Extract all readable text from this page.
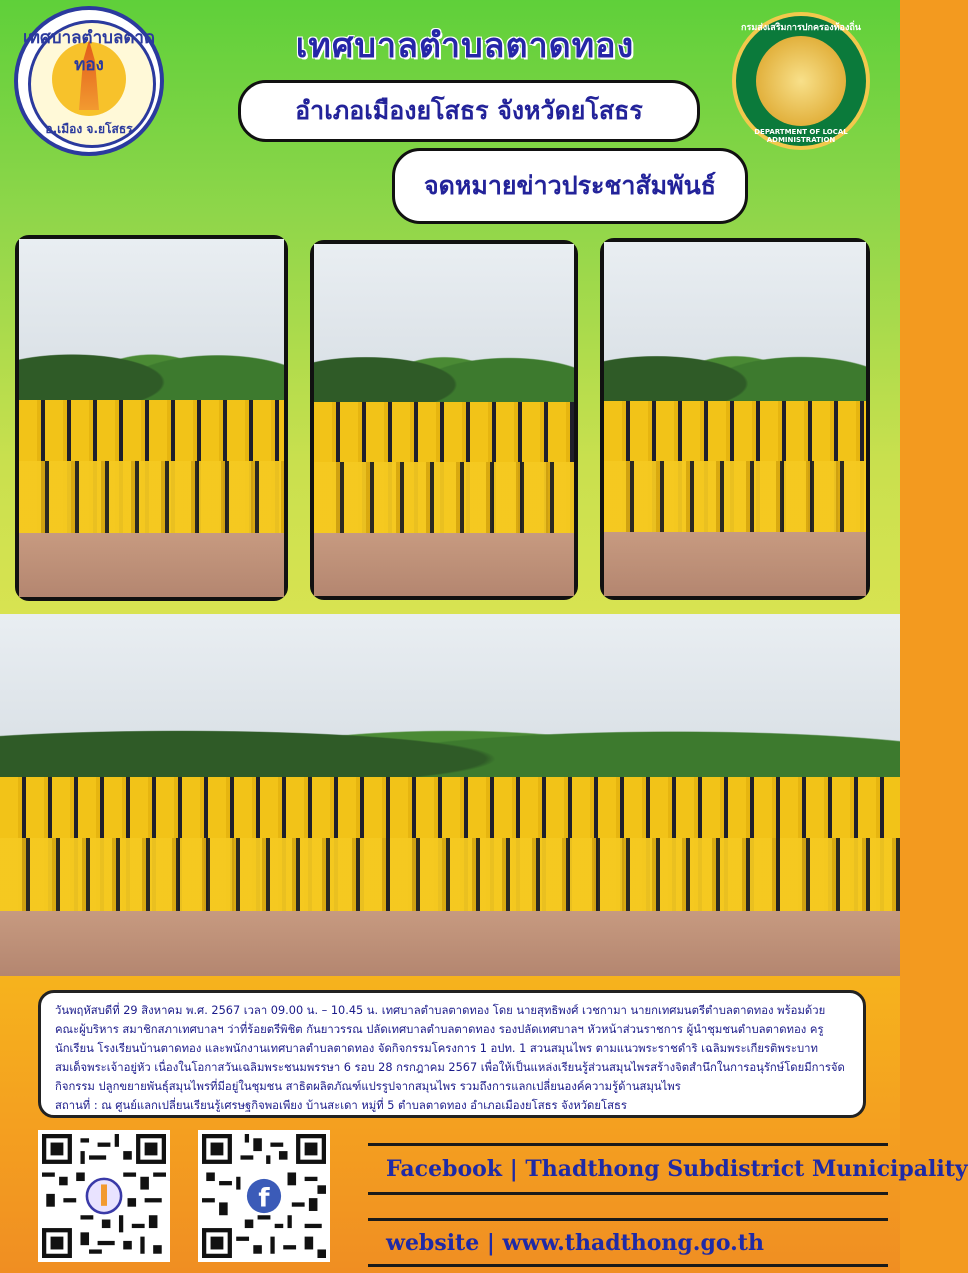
เทศบาลตำบลตาดทอง
อ.เมือง จ.ยโสธร
เทศบาลตำบลตาดทอง	กรมส่งเสริมการปกครองท้องถิ่น
DEPARTMENT OF LOCAL ADMINISTRATION
อำเภอเมืองยโสธร จังหวัดยโสธร
จดหมายข่าวประชาสัมพันธ์
วันพฤหัสบดีที่ 29 สิงหาคม พ.ศ. 2567 เวลา 09.00 น. – 10.45 น. เทศบาลตำบลตาดทอง โดย นายสุทธิพงศ์ เวชกามา นายกเทศมนตรีตำบลตาดทอง พร้อมด้วย คณะผู้บริหาร สมาชิกสภาเทศบาลฯ ว่าที่ร้อยตรีพิชิต กันยาวรรณ ปลัดเทศบาลตำบลตาดทอง รองปลัดเทศบาลฯ หัวหน้าส่วนราชการ ผู้นำชุมชนตำบลตาดทอง ครู นักเรียน โรงเรียนบ้านตาดทอง และพนักงานเทศบาลตำบลตาดทอง จัดกิจกรรมโครงการ 1 อปท. 1 สวนสมุนไพร ตามแนวพระราชดำริ เฉลิมพระเกียรติพระบาทสมเด็จพระเจ้าอยู่หัว เนื่องในโอกาสวันเฉลิมพระชนมพรรษา 6 รอบ 28 กรกฎาคม 2567 เพื่อให้เป็นแหล่งเรียนรู้ส่วนสมุนไพรสร้างจิตสำนึกในการอนุรักษ์โดยมีการจัดกิจกรรม ปลูกขยายพันธุ์สมุนไพรที่มีอยู่ในชุมชน สาธิตผลิตภัณฑ์แปรรูปจากสมุนไพร รวมถึงการแลกเปลี่ยนองค์ความรู้ด้านสมุนไพร
สถานที่ : ณ ศูนย์แลกเปลี่ยนเรียนรู้เศรษฐกิจพอเพียง บ้านสะเดา หมู่ที่ 5 ตำบลตาดทอง อำเภอเมืองยโสธร จังหวัดยโสธร
f
Facebook | Thadthong Subdistrict Municipality
website | www.thadthong.go.th
